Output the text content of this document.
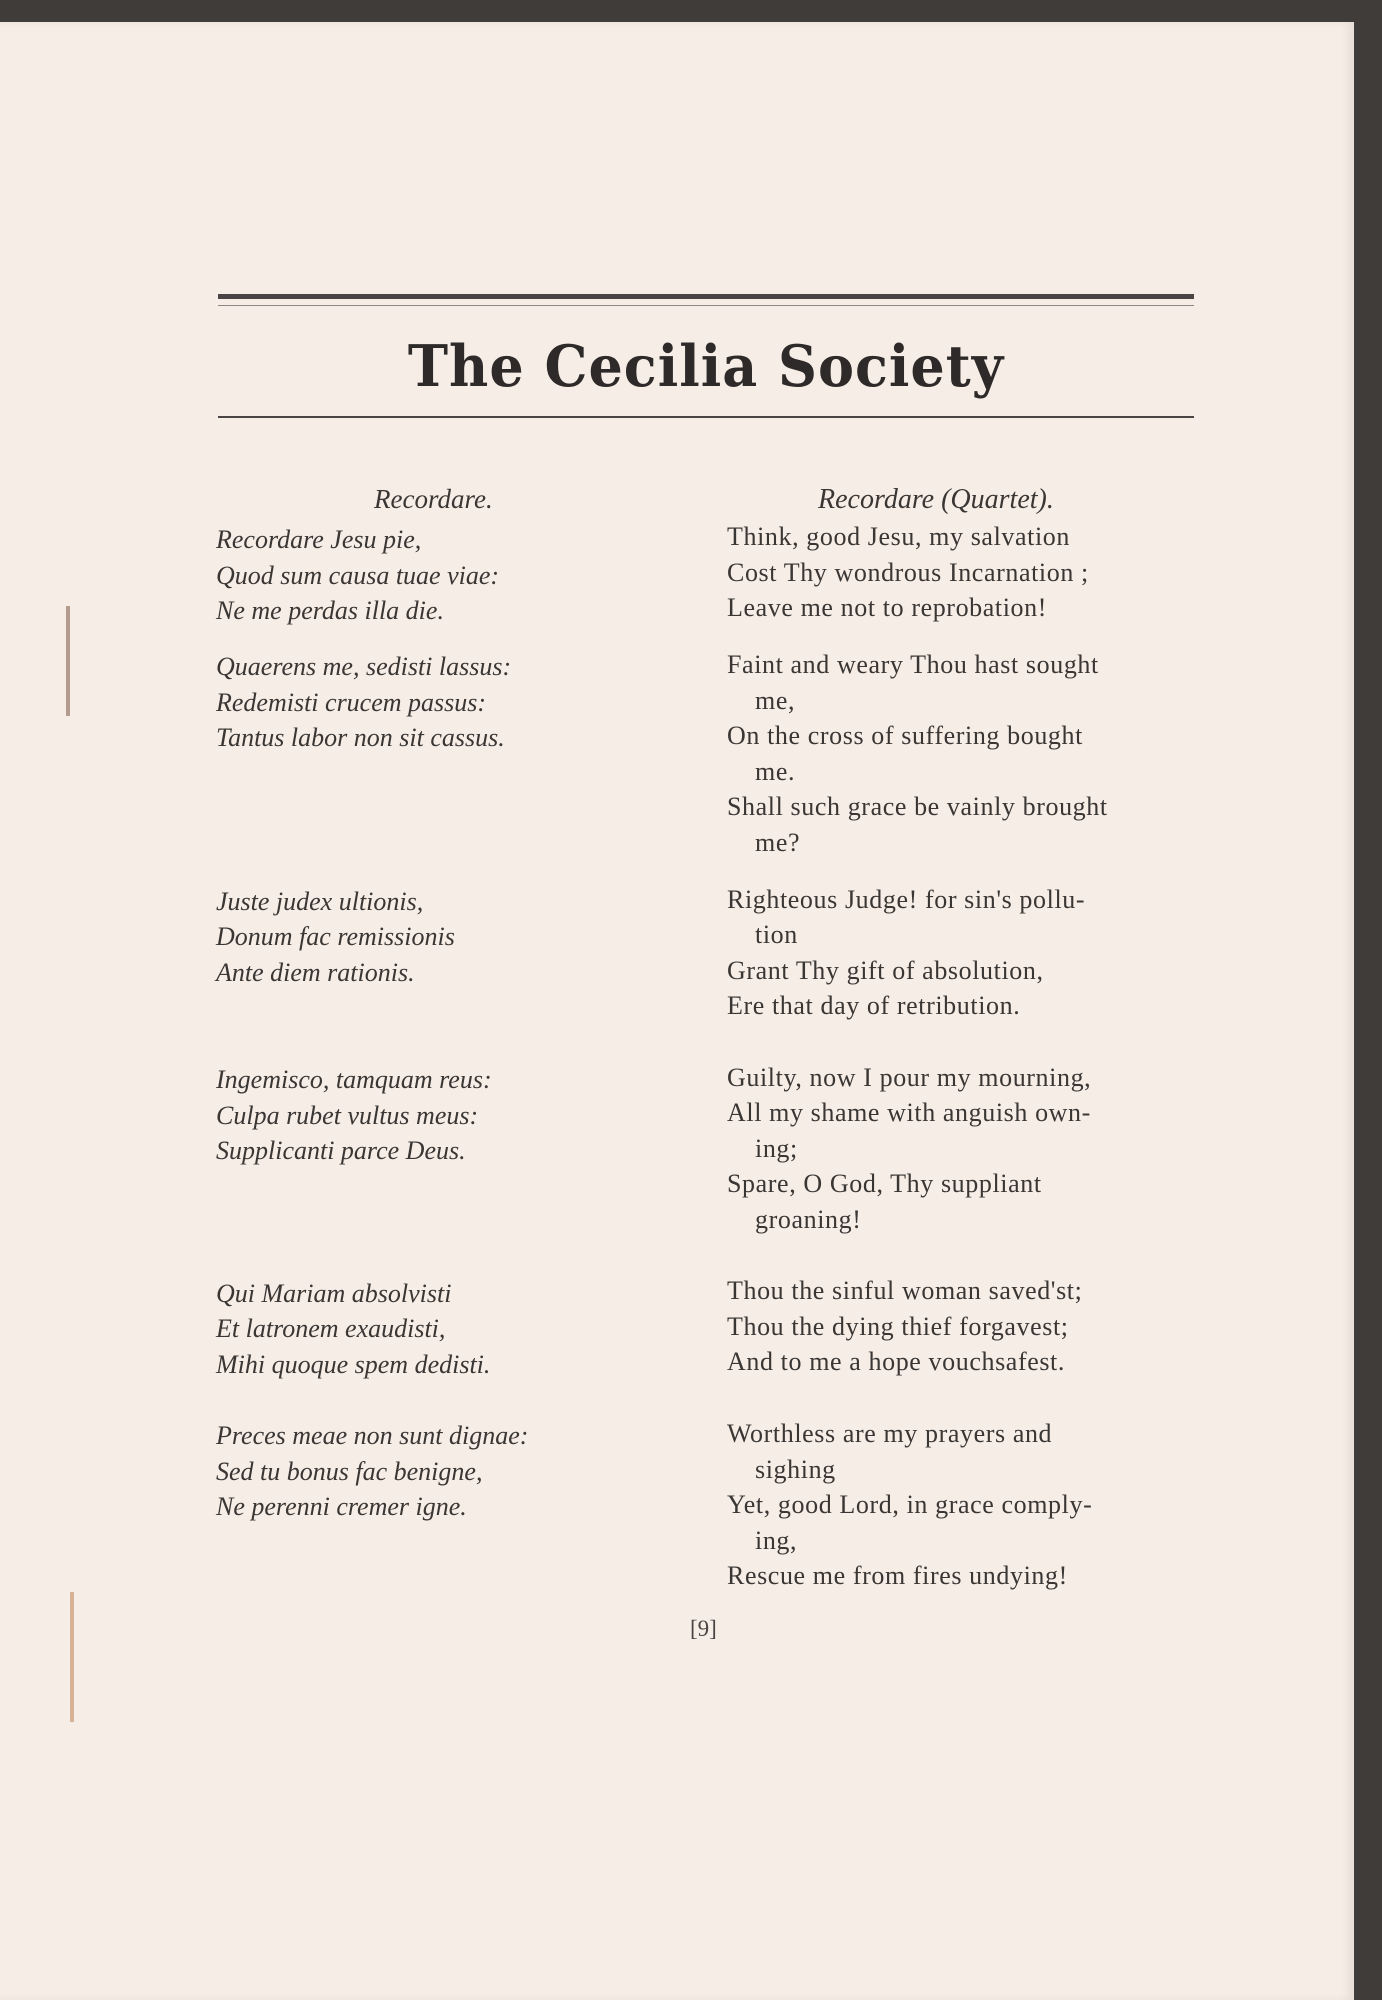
The Cecilia Society
Recordare.	Recordare (Quartet).
Recordare Jesu pie,
Quod sum causa tuae viae:
Ne me perdas illa die.
Quaerens me, sedisti lassus:
Redemisti crucem passus:
Tantus labor non sit cassus.
Juste judex ultionis,
Donum fac remissionis
Ante diem rationis.
Ingemisco, tamquam reus:
Culpa rubet vultus meus:
Supplicanti parce Deus.
Qui Mariam absolvisti
Et latronem exaudisti,
Mihi quoque spem dedisti.
Preces meae non sunt dignae:
Sed tu bonus fac benigne,
Ne perenni cremer igne.
Think, good Jesu, my salvation
Cost Thy wondrous Incarnation ;
Leave me not to reprobation!
Faint and weary Thou hast sought
me,
On the cross of suffering bought
me.
Shall such grace be vainly brought
me?
Righteous Judge! for sin's pollu-
tion
Grant Thy gift of absolution,
Ere that day of retribution.
Guilty, now I pour my mourning,
All my shame with anguish own-
ing;
Spare, O God, Thy suppliant
groaning!
Thou the sinful woman saved'st;
Thou the dying thief forgavest;
And to me a hope vouchsafest.
Worthless are my prayers and
sighing
Yet, good Lord, in grace comply-
ing,
Rescue me from fires undying!
[9]
